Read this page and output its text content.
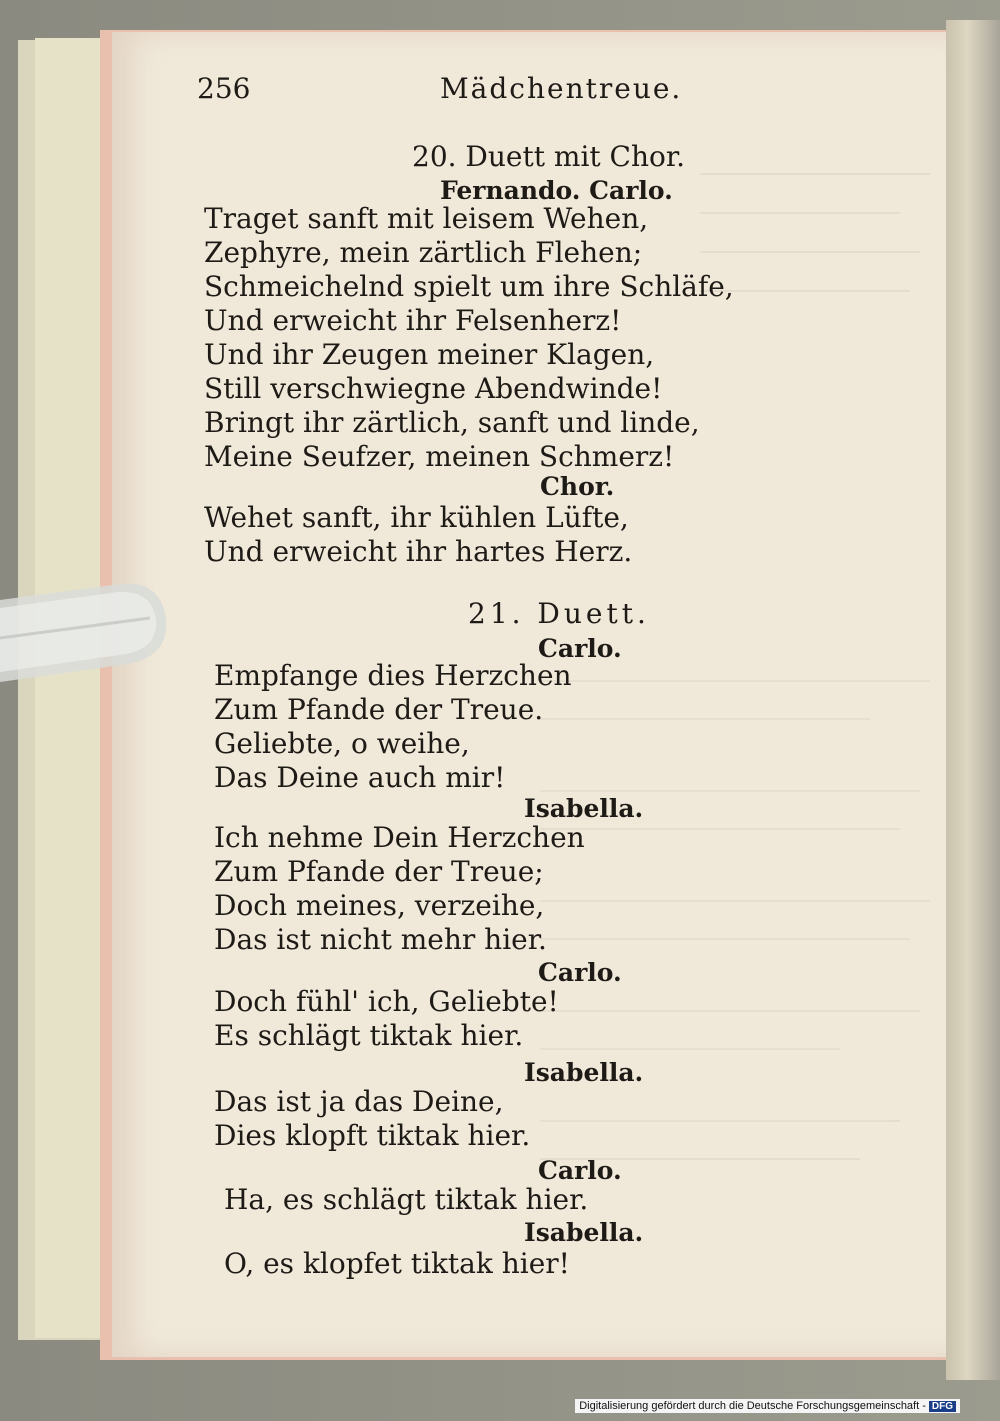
256	Mädchentreue.
20. Duett mit Chor.
Fernando. Carlo.
Traget sanft mit leisem Wehen,
Zephyre, mein zärtlich Flehen;
Schmeichelnd spielt um ihre Schläfe,
Und erweicht ihr Felsenherz!
Und ihr Zeugen meiner Klagen,
Still verschwiegne Abendwinde!
Bringt ihr zärtlich, sanft und linde,
Meine Seufzer, meinen Schmerz!
Chor.
Wehet sanft, ihr kühlen Lüfte,
Und erweicht ihr hartes Herz.
21. Duett.
Carlo.
Empfange dies Herzchen
Zum Pfande der Treue.
Geliebte, o weihe,
Das Deine auch mir!
Isabella.
Ich nehme Dein Herzchen
Zum Pfande der Treue;
Doch meines, verzeihe,
Das ist nicht mehr hier.
Carlo.
Doch fühl' ich, Geliebte!
Es schlägt tiktak hier.
Isabella.
Das ist ja das Deine,
Dies klopft tiktak hier.
Carlo.
Ha, es schlägt tiktak hier.
Isabella.
O, es klopfet tiktak hier!
Digitalisierung gefördert durch die Deutsche Forschungsgemeinschaft - DFG
